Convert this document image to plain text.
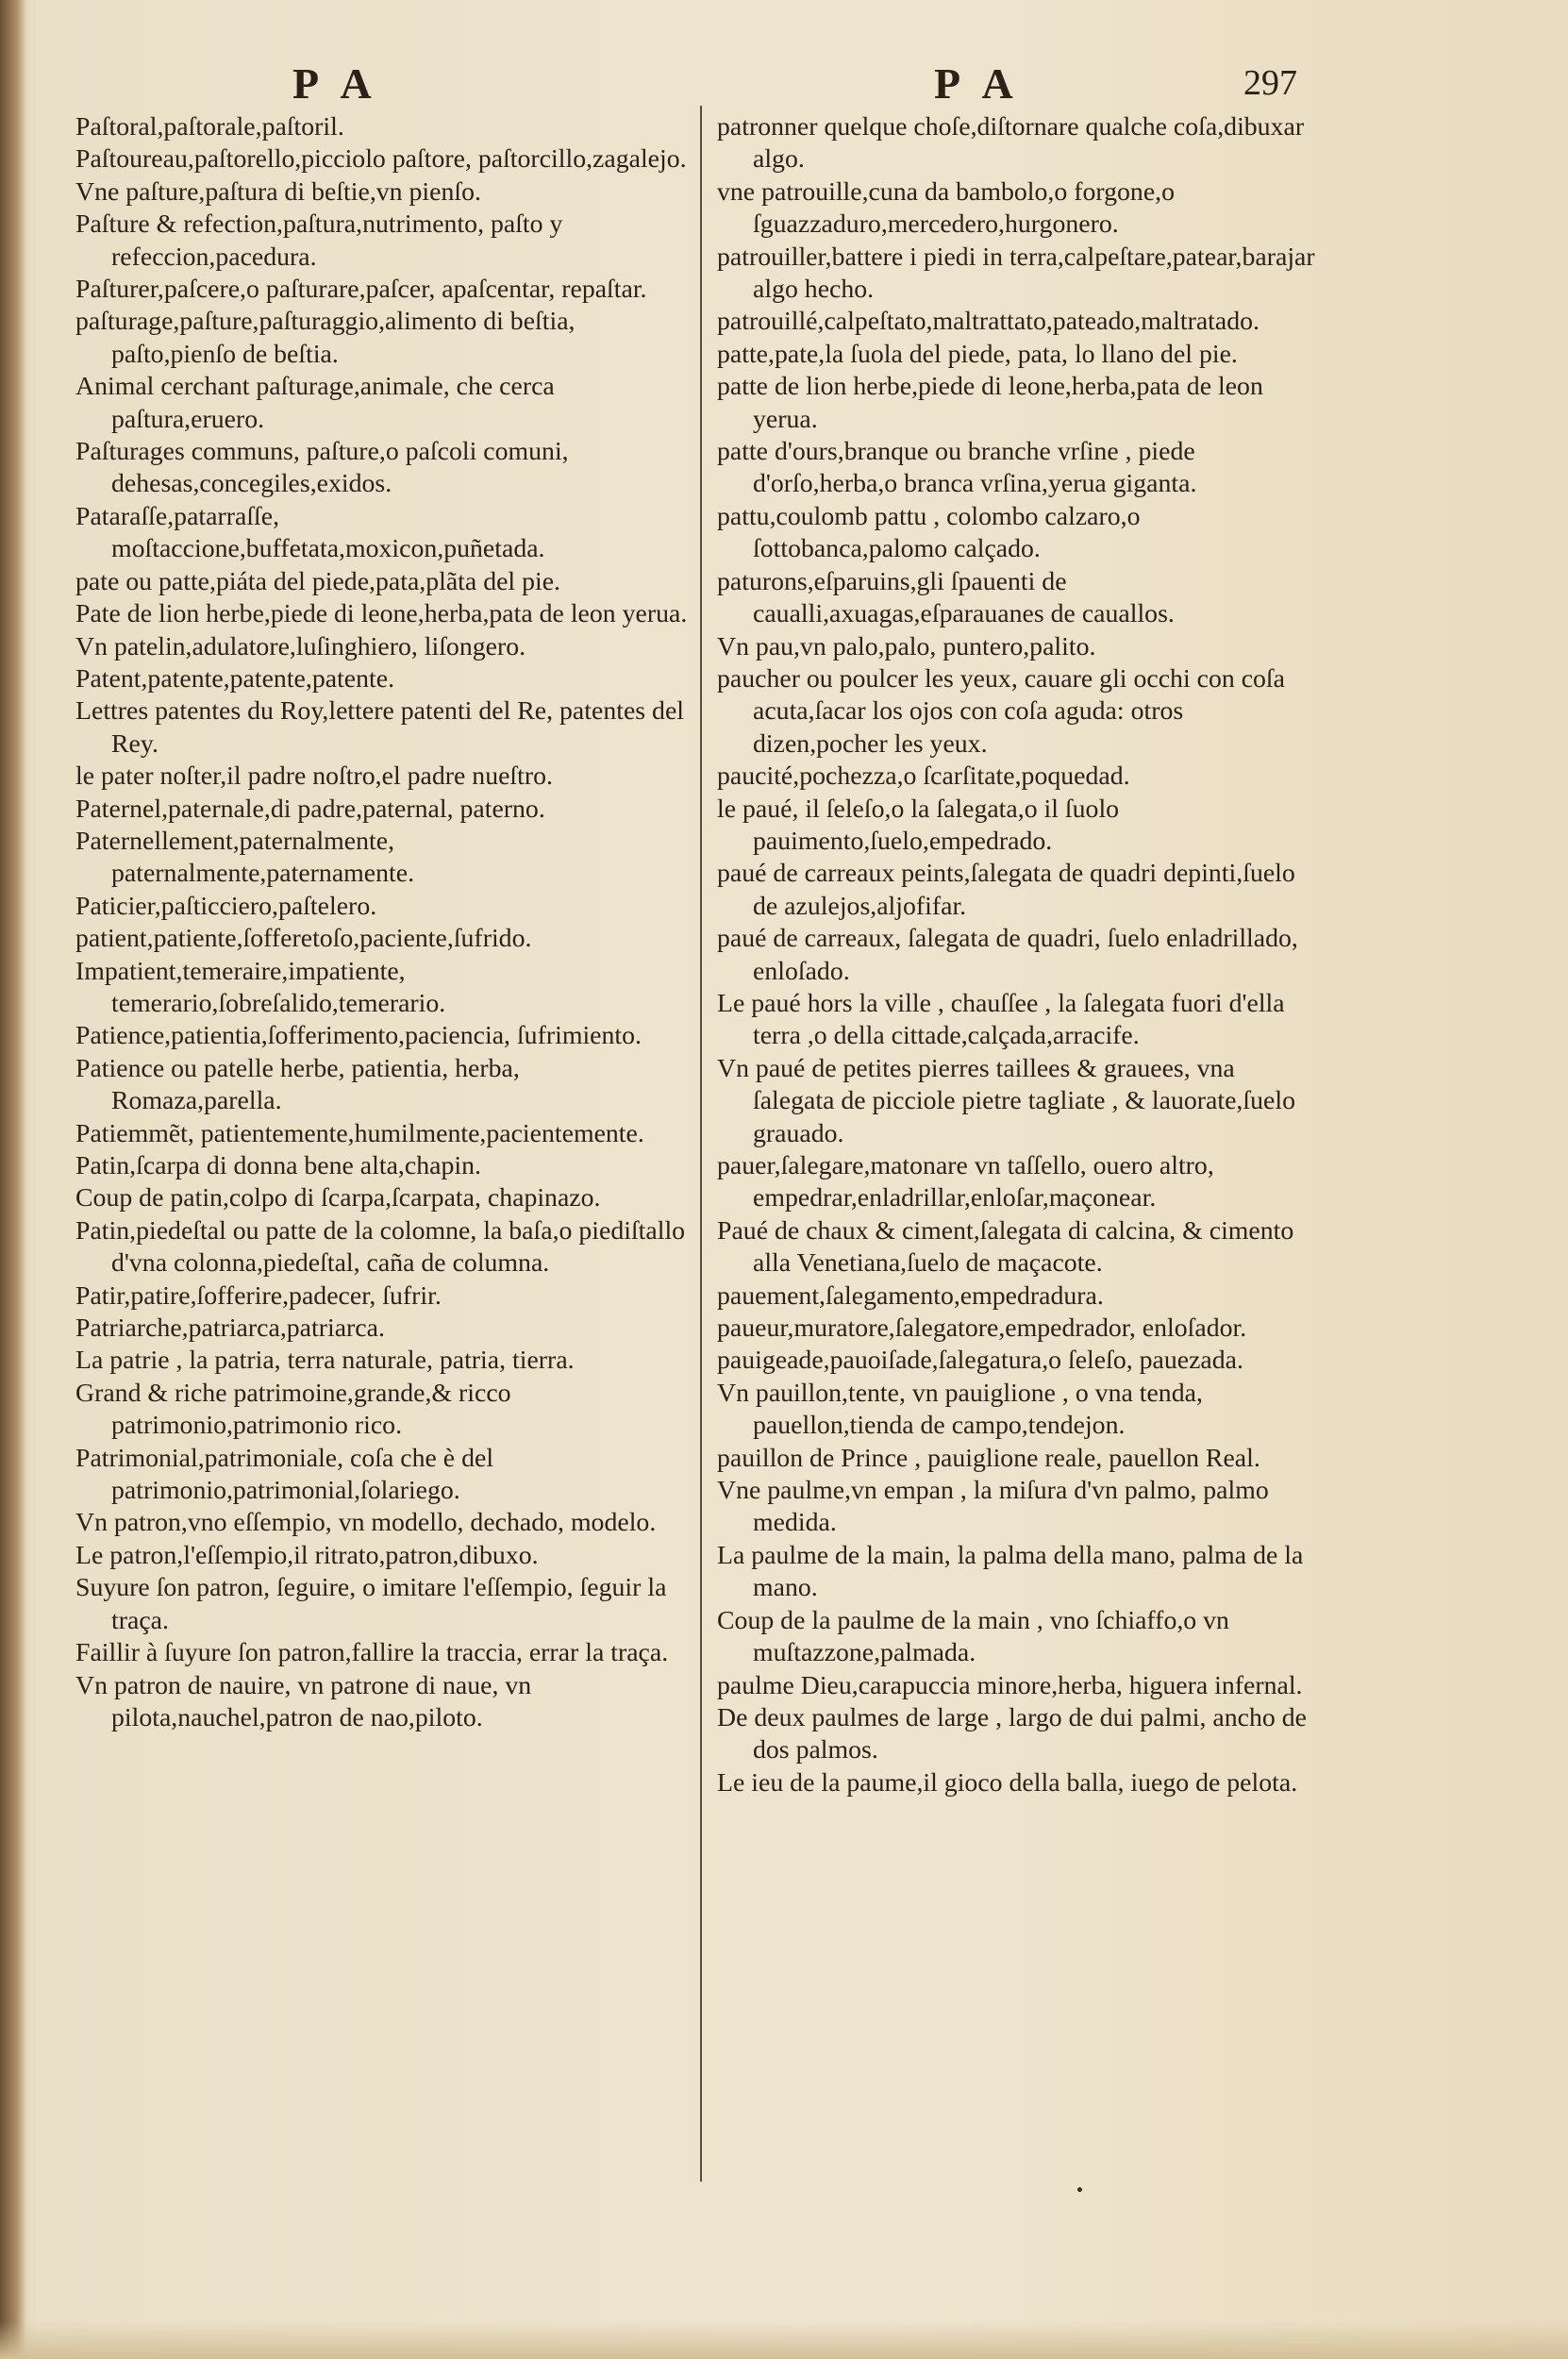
P A	P A	297

Paſtoral,paſtorale,paſtoril.

Paſtoureau,paſtorello,picciolo paſtore, paſtorcillo,zagalejo.

Vne paſture,paſtura di beſtie,vn pienſo.

Paſture & refection,paſtura,nutrimento, paſto y refeccion,pacedura.

Paſturer,paſcere,o paſturare,paſcer, apaſcentar, repaſtar.

paſturage,paſture,paſturaggio,alimento di beſtia, paſto,pienſo de beſtia.

Animal cerchant paſturage,animale, che cerca paſtura,eruero.

Paſturages communs, paſture,o paſcoli comuni, dehesas,concegiles,exidos.

Pataraſſe,patarraſſe, moſtaccione,buffetata,moxicon,puñetada.

pate ou patte,piáta del piede,pata,plãta del pie.

Pate de lion herbe,piede di leone,herba,pata de leon yerua.

Vn patelin,adulatore,luſinghiero, liſongero.

Patent,patente,patente,patente.

Lettres patentes du Roy,lettere patenti del Re, patentes del Rey.

le pater noſter,il padre noſtro,el padre nueſtro.

Paternel,paternale,di padre,paternal, paterno.

Paternellement,paternalmente, paternalmente,paternamente.

Paticier,paſticciero,paſtelero.

patient,patiente,ſofferetoſo,paciente,ſufrido.

Impatient,temeraire,impatiente, temerario,ſobreſalido,temerario.

Patience,patientia,ſofferimento,paciencia, ſufrimiento.

Patience ou patelle herbe, patientia, herba, Romaza,parella.

Patiemmẽt, patientemente,humilmente,pacientemente.

Patin,ſcarpa di donna bene alta,chapin.

Coup de patin,colpo di ſcarpa,ſcarpata, chapinazo.

Patin,piedeſtal ou patte de la colomne, la baſa,o piediſtallo d'vna colonna,piedeſtal, caña de columna.

Patir,patire,ſofferire,padecer, ſufrir.

Patriarche,patriarca,patriarca.

La patrie , la patria, terra naturale, patria, tierra.

Grand & riche patrimoine,grande,& ricco patrimonio,patrimonio rico.

Patrimonial,patrimoniale, coſa che è del patrimonio,patrimonial,ſolariego.

Vn patron,vno eſſempio, vn modello, dechado, modelo.

Le patron,l'eſſempio,il ritrato,patron,dibuxo.

Suyure ſon patron, ſeguire, o imitare l'eſſempio, ſeguir la traça.

Faillir à ſuyure ſon patron,fallire la traccia, errar la traça.

Vn patron de nauire, vn patrone di naue, vn pilota,nauchel,patron de nao,piloto.

patronner quelque choſe,diſtornare qualche coſa,dibuxar algo.

vne patrouille,cuna da bambolo,o forgone,o ſguazzaduro,mercedero,hurgonero.

patrouiller,battere i piedi in terra,calpeſtare,patear,barajar algo hecho.

patrouillé,calpeſtato,maltrattato,pateado,maltratado.

patte,pate,la ſuola del piede, pata, lo llano del pie.

patte de lion herbe,piede di leone,herba,pata de leon yerua.

patte d'ours,branque ou branche vrſine , piede d'orſo,herba,o branca vrſina,yerua giganta.

pattu,coulomb pattu , colombo calzaro,o ſottobanca,palomo calçado.

paturons,eſparuins,gli ſpauenti de caualli,axuagas,eſparauanes de cauallos.

Vn pau,vn palo,palo, puntero,palito.

paucher ou poulcer les yeux, cauare gli occhi con coſa acuta,ſacar los ojos con coſa aguda: otros dizen,pocher les yeux.

paucité,pochezza,o ſcarſitate,poquedad.

le paué, il ſeleſo,o la ſalegata,o il ſuolo pauimento,ſuelo,empedrado.

paué de carreaux peints,ſalegata de quadri depinti,ſuelo de azulejos,aljofifar.

paué de carreaux, ſalegata de quadri, ſuelo enladrillado, enloſado.

Le paué hors la ville , chauſſee , la ſalegata fuori d'ella terra ,o della cittade,calçada,arracife.

Vn paué de petites pierres taillees & grauees, vna ſalegata de picciole pietre tagliate , & lauorate,ſuelo grauado.

pauer,ſalegare,matonare vn taſſello, ouero altro, empedrar,enladrillar,enloſar,maçonear.

Paué de chaux & ciment,ſalegata di calcina, & cimento alla Venetiana,ſuelo de maçacote.

pauement,ſalegamento,empedradura.

paueur,muratore,ſalegatore,empedrador, enloſador.

pauigeade,pauoiſade,ſalegatura,o ſeleſo, pauezada.

Vn pauillon,tente, vn pauiglione , o vna tenda, pauellon,tienda de campo,tendejon.

pauillon de Prince , pauiglione reale, pauellon Real.

Vne paulme,vn empan , la miſura d'vn palmo, palmo medida.

La paulme de la main, la palma della mano, palma de la mano.

Coup de la paulme de la main , vno ſchiaffo,o vn muſtazzone,palmada.

paulme Dieu,carapuccia minore,herba, higuera infernal.

De deux paulmes de large , largo de dui palmi, ancho de dos palmos.

Le ieu de la paume,il gioco della balla, iuego de pelota.
